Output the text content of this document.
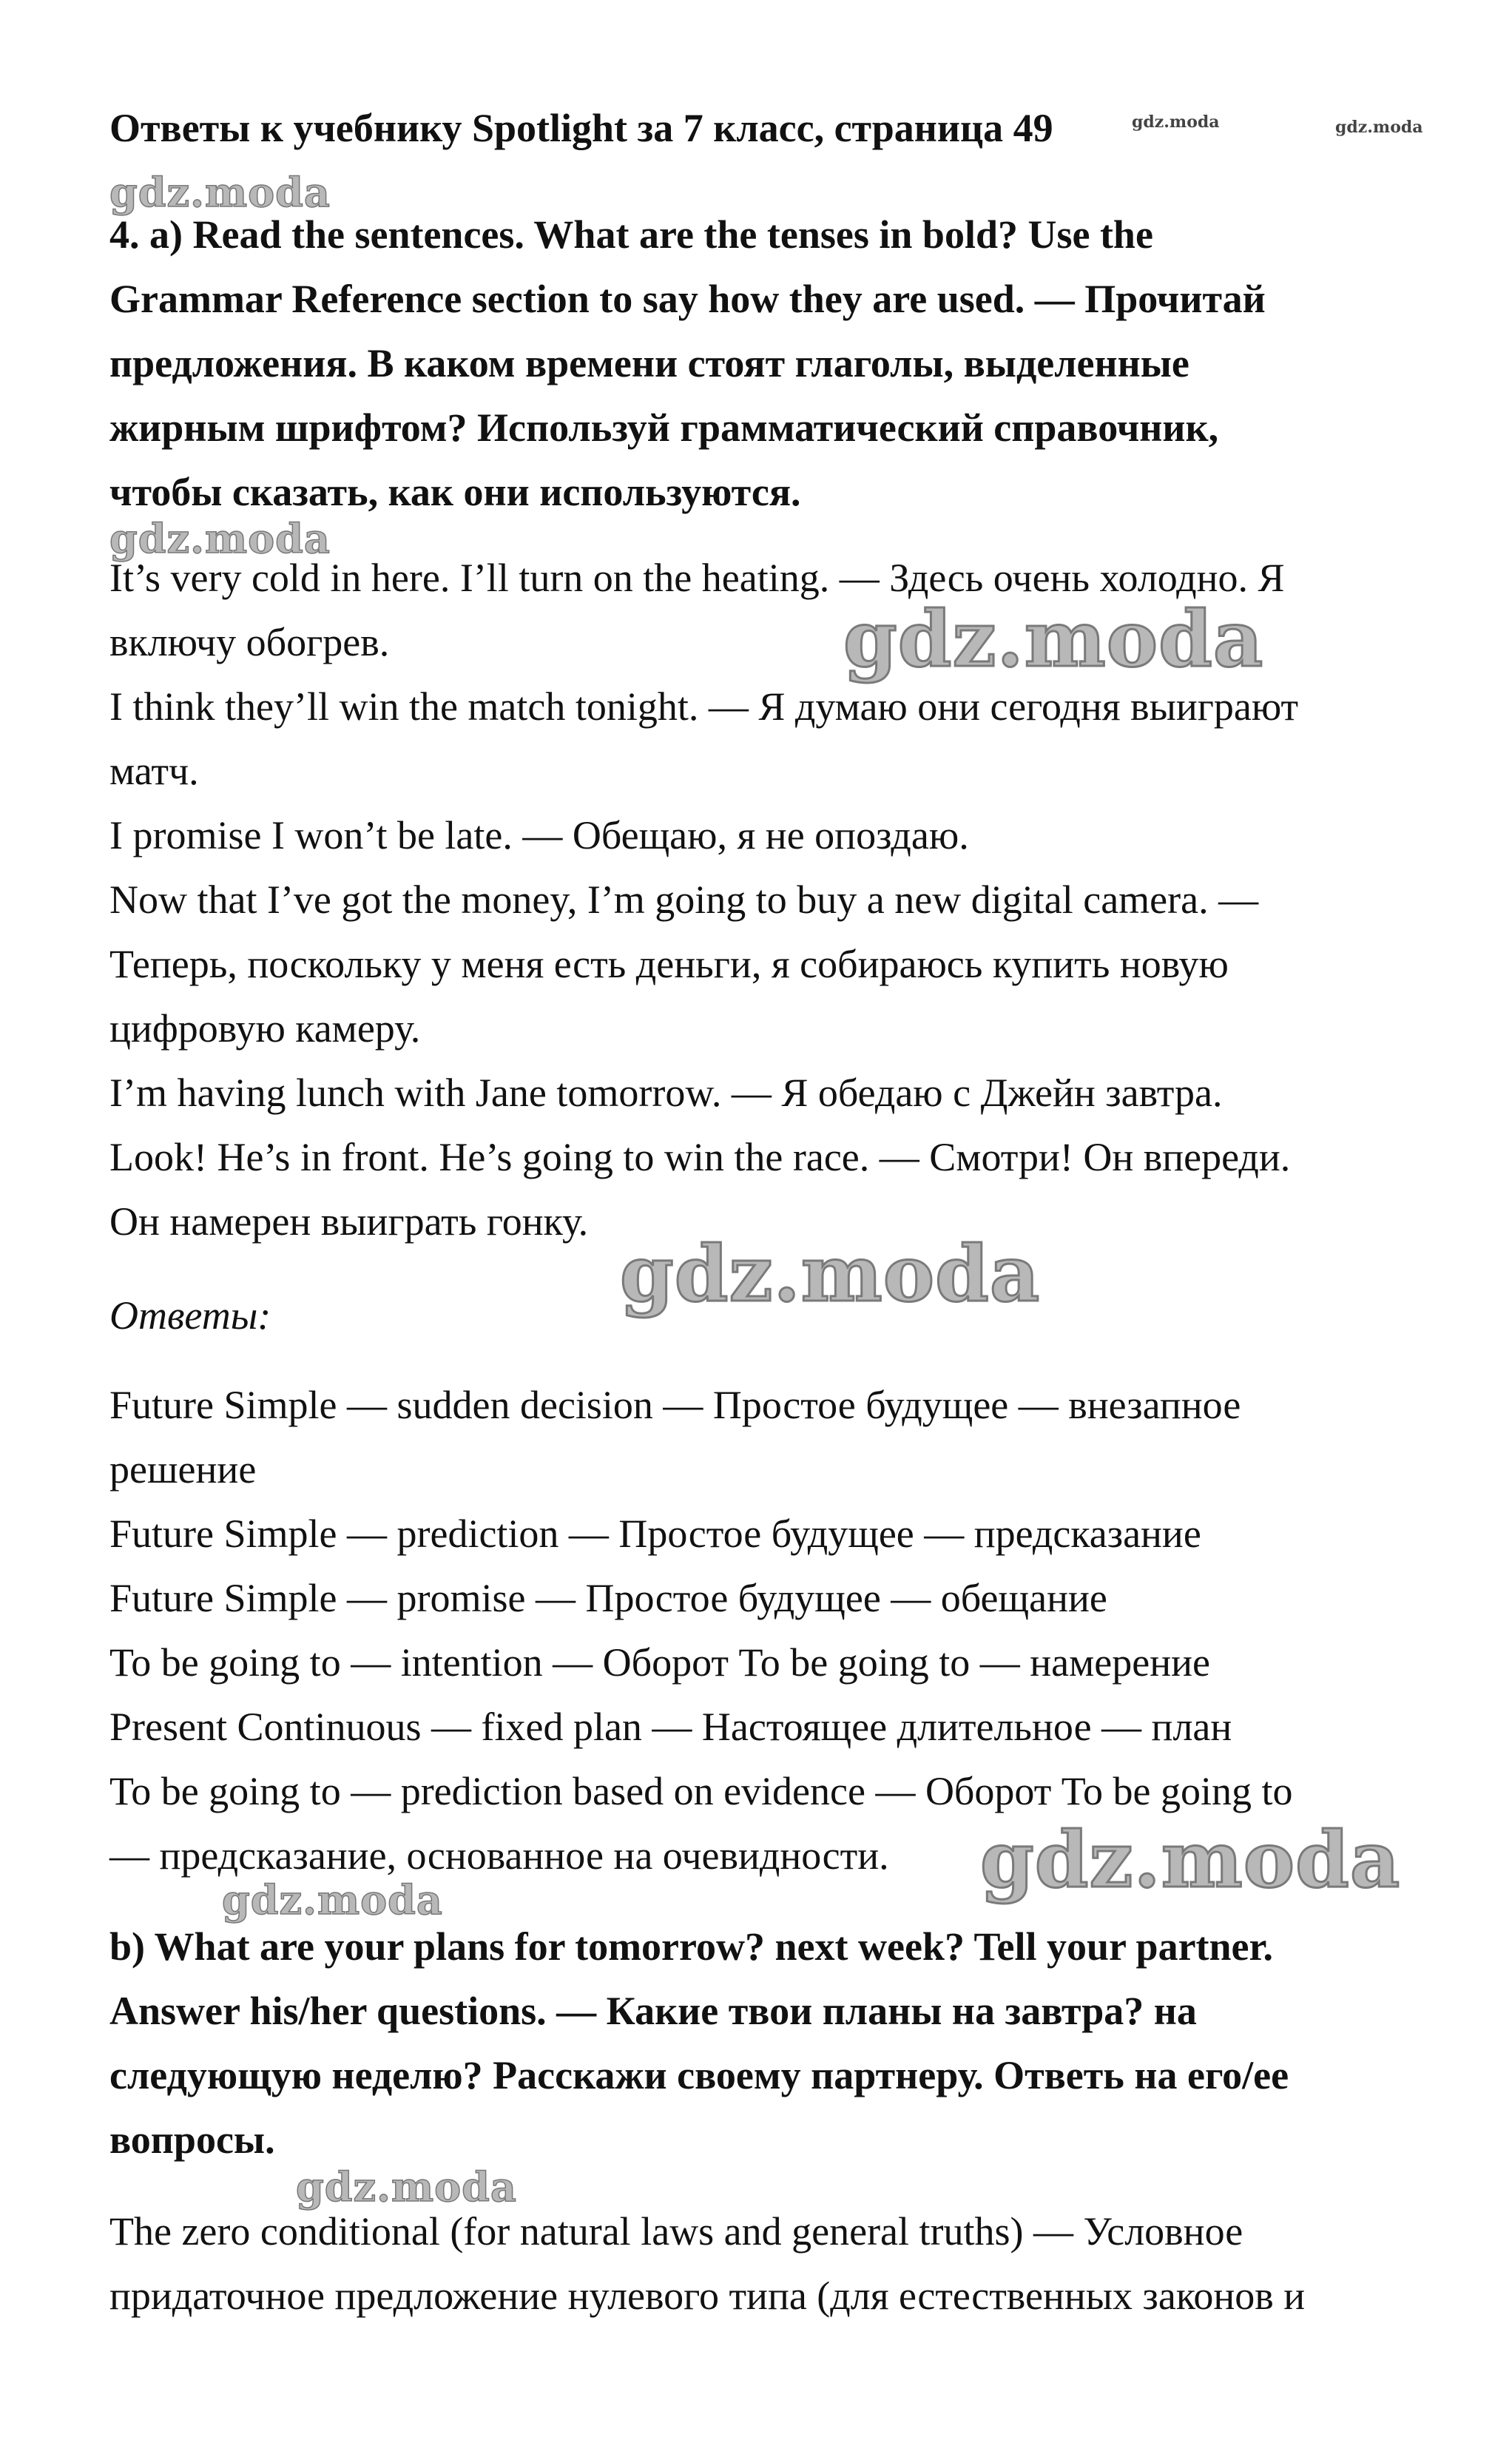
Ответы к учебнику Spotlight за 7 класс, страница 49	gdz.moda	gdz.moda
gdz.moda
4. a) Read the sentences. What are the tenses in bold? Use the
Grammar Reference section to say how they are used. — Прочитай
предложения. В каком времени стоят глаголы, выделенные
жирным шрифтом? Используй грамматический справочник,
чтобы сказать, как они используются.
gdz.moda
It’s very cold in here. I’ll turn on the heating. — Здесь очень холодно. Я
включу обогрев.	gdz.moda
I think they’ll win the match tonight. — Я думаю они сегодня выиграют
матч.
I promise I won’t be late. — Обещаю, я не опоздаю.
Now that I’ve got the money, I’m going to buy a new digital camera. —
Теперь, поскольку у меня есть деньги, я собираюсь купить новую
цифровую камеру.
I’m having lunch with Jane tomorrow. — Я обедаю с Джейн завтра.
Look! He’s in front. He’s going to win the race. — Смотри! Он впереди.
Он намерен выиграть гонку.
gdz.moda
Ответы:
Future Simple — sudden decision — Простое будущее — внезапное
решение
Future Simple — prediction — Простое будущее — предсказание
Future Simple — promise — Простое будущее — обещание
To be going to — intention — Оборот To be going to — намерение
Present Continuous — fixed plan — Настоящее длительное — план
To be going to — prediction based on evidence — Оборот To be going to
— предсказание, основанное на очевидности. gdz.moda
gdz.moda
b) What are your plans for tomorrow? next week? Tell your partner.
Answer his/her questions. — Какие твои планы на завтра? на
следующую неделю? Расскажи своему партнеру. Ответь на его/ее
вопросы.
gdz.moda
The zero conditional (for natural laws and general truths) — Условное
придаточное предложение нулевого типа (для естественных законов и
